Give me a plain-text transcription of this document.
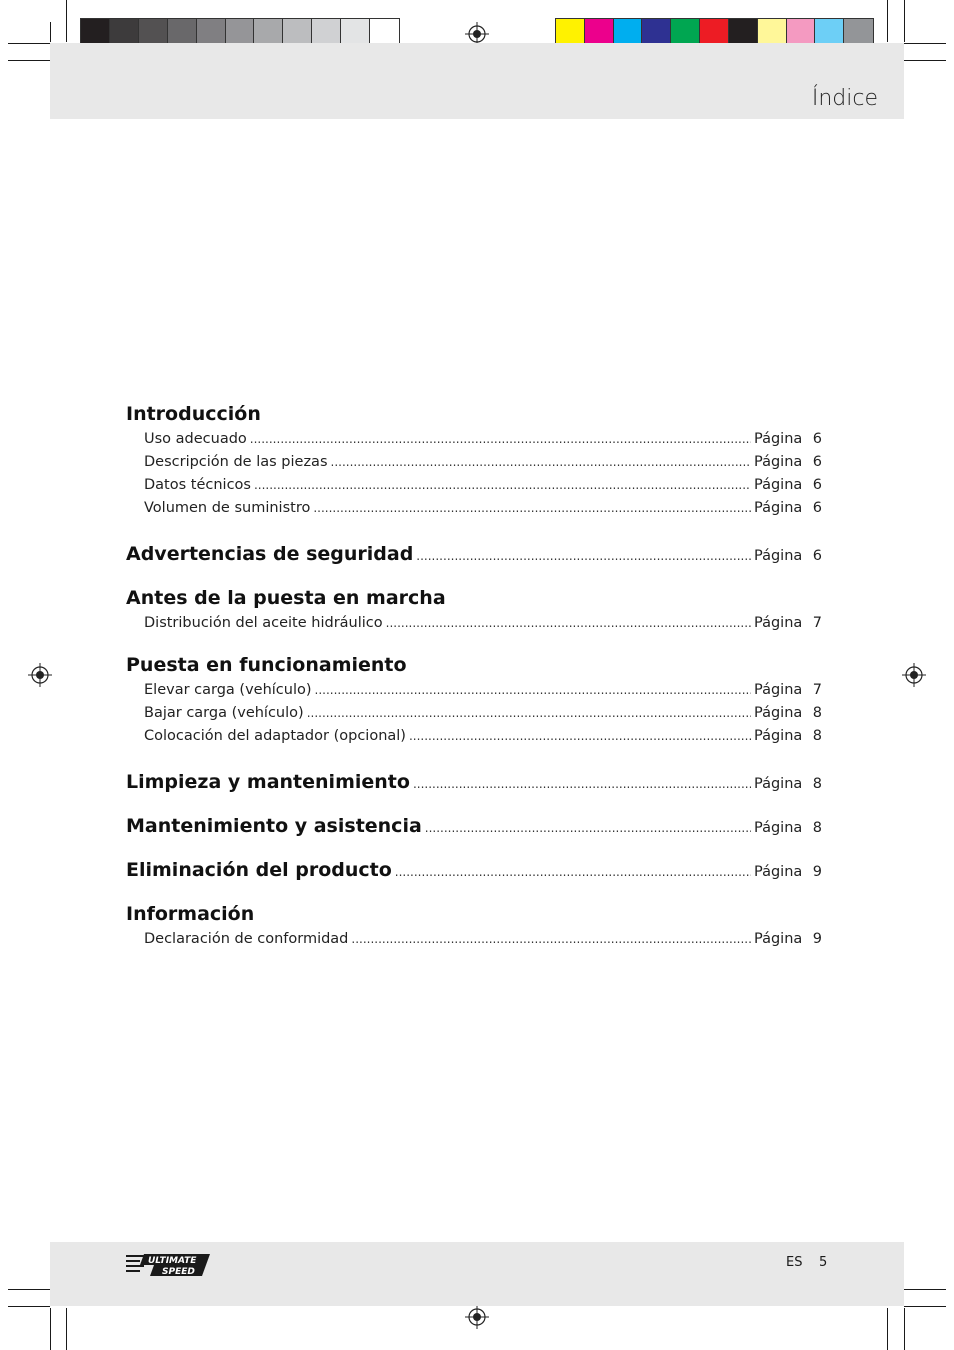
Índice
Introducción
Uso adecuado .....	Página 6
Descripción de las piezas .....	Página 6
Datos técnicos .....	Página 6
Volumen de suministro .....	Página 6
Advertencias de seguridad .....	Página 6
Antes de la puesta en marcha
Distribución del aceite hidráulico .....	Página 7
Puesta en funcionamiento
Elevar carga (vehículo) .....	Página 7
Bajar carga (vehículo) .....	Página 8
Colocación del adaptador (opcional) .....	Página 8
Limpieza y mantenimiento .....	Página 8
Mantenimiento y asistencia .....	Página 8
Eliminación del producto .....	Página 9
Información
Declaración de conformidad .....	Página 9
ULTIMATE
SPEED
ES 5
